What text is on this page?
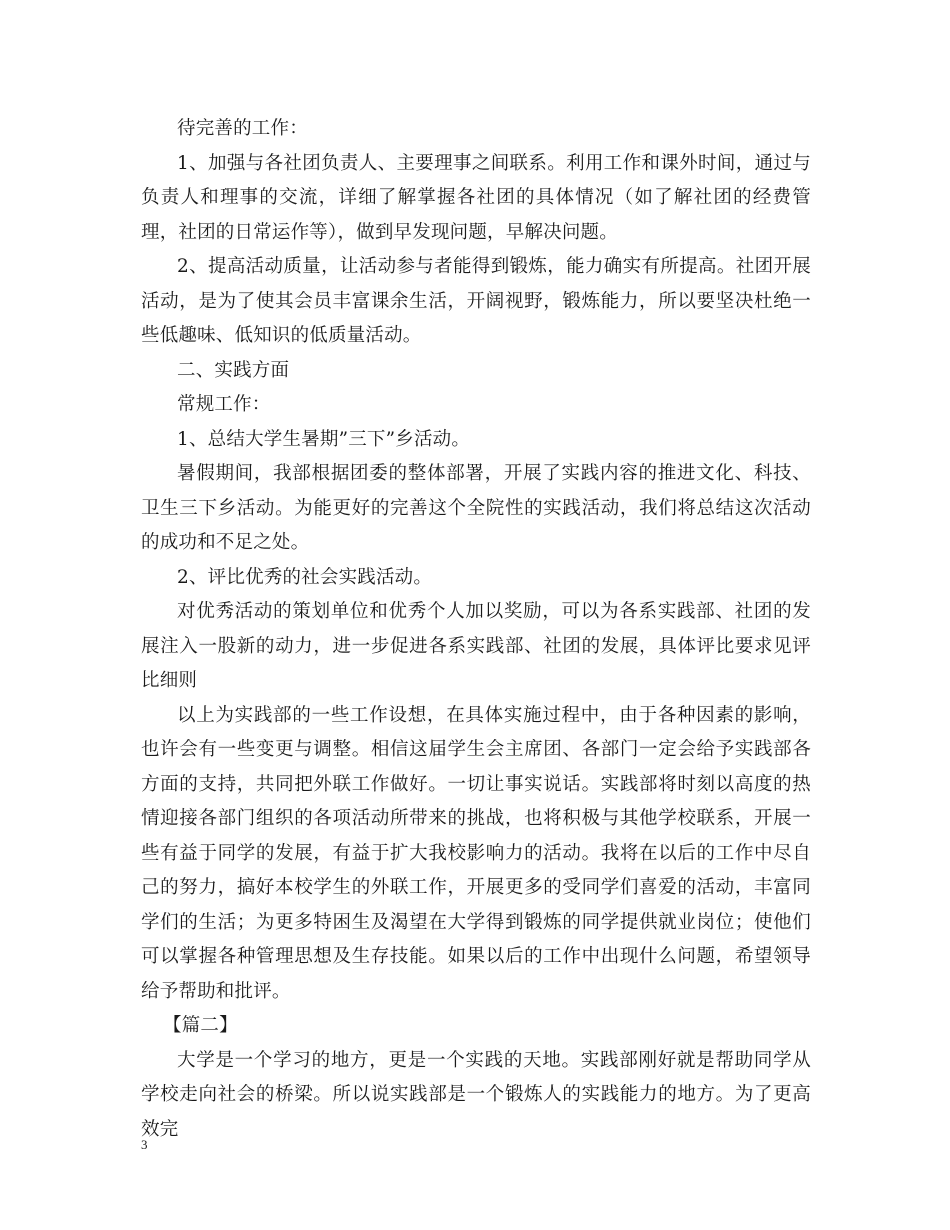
待完善的工作：

1、加强与各社团负责人、主要理事之间联系。利用工作和课外时间，通过与负责人和理事的交流，详细了解掌握各社团的具体情况（如了解社团的经费管理，社团的日常运作等），做到早发现问题，早解决问题。

2、提高活动质量，让活动参与者能得到锻炼，能力确实有所提高。社团开展活动，是为了使其会员丰富课余生活，开阔视野，锻炼能力，所以要坚决杜绝一些低趣味、低知识的低质量活动。

二、实践方面

常规工作：

1、总结大学生暑期”三下”乡活动。

暑假期间，我部根据团委的整体部署，开展了实践内容的推进文化、科技、卫生三下乡活动。为能更好的完善这个全院性的实践活动，我们将总结这次活动的成功和不足之处。

2、评比优秀的社会实践活动。

对优秀活动的策划单位和优秀个人加以奖励，可以为各系实践部、社团的发展注入一股新的动力，进一步促进各系实践部、社团的发展，具体评比要求见评比细则

以上为实践部的一些工作设想，在具体实施过程中，由于各种因素的影响，也许会有一些变更与调整。相信这届学生会主席团、各部门一定会给予实践部各方面的支持，共同把外联工作做好。一切让事实说话。实践部将时刻以高度的热情迎接各部门组织的各项活动所带来的挑战，也将积极与其他学校联系，开展一些有益于同学的发展，有益于扩大我校影响力的活动。我将在以后的工作中尽自己的努力，搞好本校学生的外联工作，开展更多的受同学们喜爱的活动，丰富同学们的生活；为更多特困生及渴望在大学得到锻炼的同学提供就业岗位；使他们可以掌握各种管理思想及生存技能。如果以后的工作中出现什么问题，希望领导给予帮助和批评。

【篇二】

大学是一个学习的地方，更是一个实践的天地。实践部刚好就是帮助同学从学校走向社会的桥梁。所以说实践部是一个锻炼人的实践能力的地方。为了更高效完

3
